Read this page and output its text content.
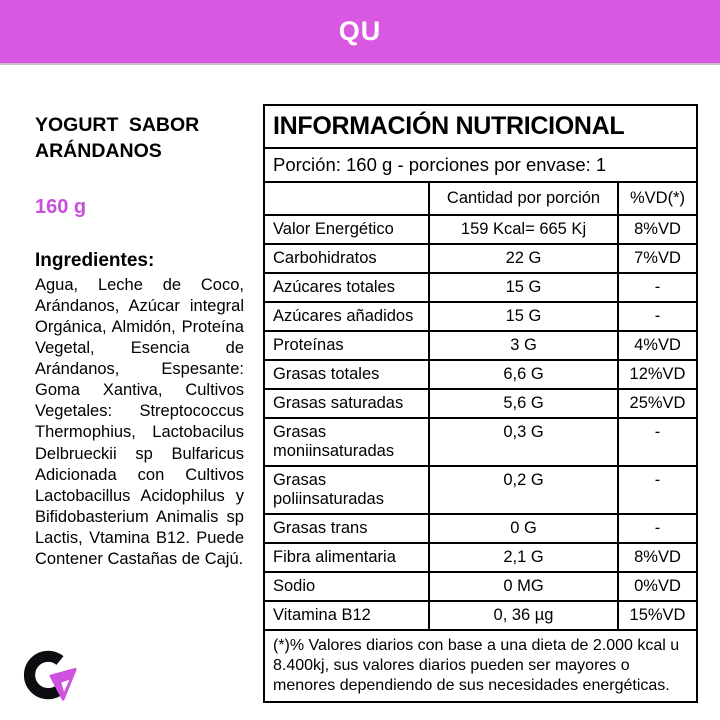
QU
YOGURT SABOR
ARÁNDANOS
160 g
Ingredientes:
Agua, Leche de Coco, Arándanos, Azúcar integral Orgánica, Almidón, Proteína Vegetal, Esencia de Arándanos, Espesante: Goma Xantiva, Cultivos Vegetales: Streptococcus Thermophius, Lactobacilus Delbrueckii sp Bulfaricus Adicionada con Cultivos Lactobacillus Acidophilus y Bifidobasterium Animalis sp Lactis, Vtamina B12. Puede Contener Castañas de Cajú.
INFORMACIÓN NUTRICIONAL		
Porción: 160 g - porciones por envase: 1		
	Cantidad por porción	%VD(*)
Valor Energético	159 Kcal= 665 Kj	8%VD
Carbohidratos	22 G	7%VD
Azúcares totales	15 G	-
Azúcares añadidos	15 G	-
Proteínas	3 G	4%VD
Grasas totales	6,6 G	12%VD
Grasas saturadas	5,6 G	25%VD
Grasas moniinsaturadas	0,3 G	-
Grasas poliinsaturadas	0,2 G	-
Grasas trans	0 G	-
Fibra alimentaria	2,1 G	8%VD
Sodio	0 MG	0%VD
Vitamina B12	0, 36 µg	15%VD
(*)% Valores diarios con base a una dieta de 2.000 kcal u 8.400kj, sus valores diarios pueden ser mayores o menores dependiendo de sus necesidades energéticas.		
